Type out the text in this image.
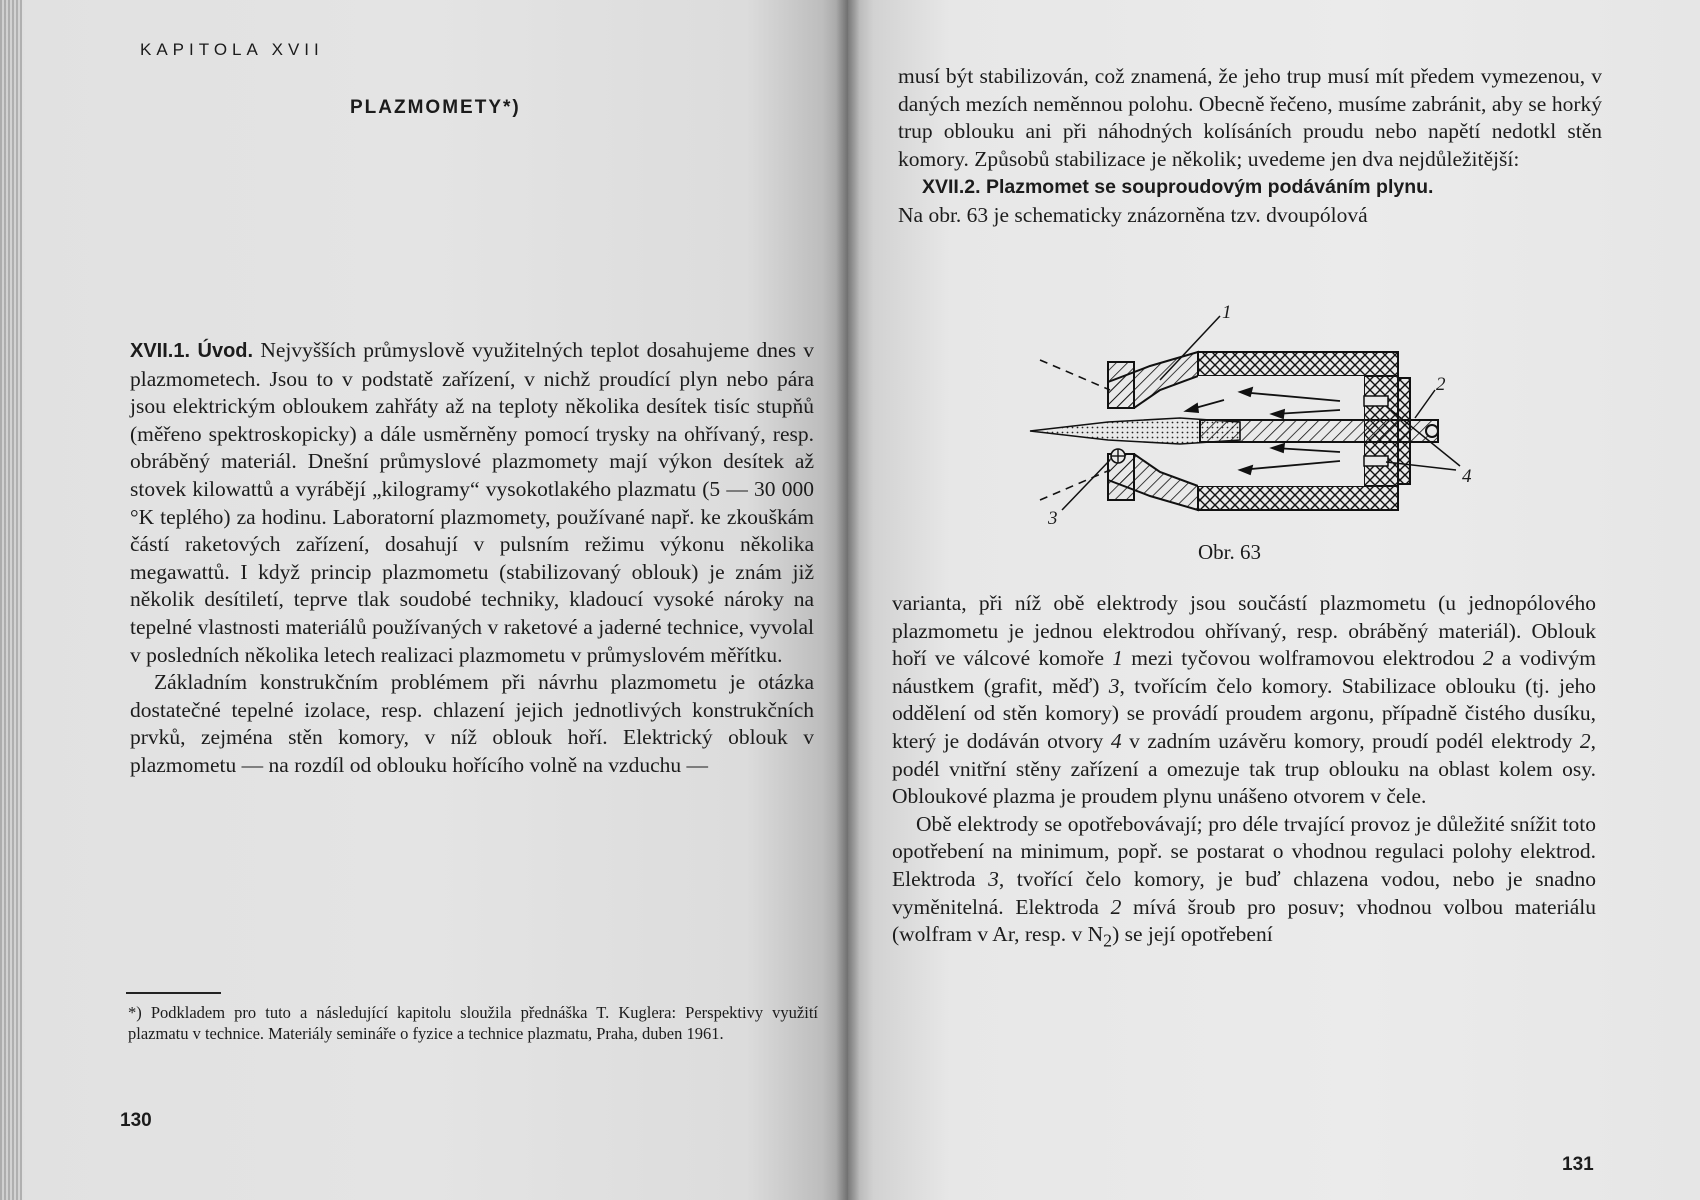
KAPITOLA XVII
PLAZMOMETY*)

XVII.1. Úvod. Nejvyšších průmyslově využitelných teplot dosahujeme dnes v plazmometech. Jsou to v podstatě zařízení, v nichž proudící plyn nebo pára jsou elektrickým obloukem zahřáty až na teploty několika desítek tisíc stupňů (měřeno spektroskopicky) a dále usměrněny pomocí trysky na ohřívaný, resp. obráběný materiál. Dnešní průmyslové plazmomety mají výkon desítek až stovek kilowattů a vyrábějí „kilogramy“ vysokotlakého plazmatu (5 — 30 000 °K teplého) za hodinu. Laboratorní plazmomety, používané např. ke zkouškám částí raketových zařízení, dosahují v pulsním režimu výkonu několika megawattů. I když princip plazmometu (stabilizovaný oblouk) je znám již několik desítiletí, teprve tlak soudobé techniky, kladoucí vysoké nároky na tepelné vlastnosti materiálů používaných v raketové a jaderné technice, vyvolal v posledních několika letech realizaci plazmometu v průmyslovém měřítku.

Základním konstrukčním problémem při návrhu plazmometu je otázka dostatečné tepelné izolace, resp. chlazení jejich jednotlivých konstrukčních prvků, zejména stěn komory, v níž oblouk hoří. Elektrický oblouk v plazmometu — na rozdíl od oblouku hořícího volně na vzduchu —

*) Podkladem pro tuto a následující kapitolu sloužila přednáška T. Kuglera: Perspektivy využití plazmatu v technice. Materiály semináře o fyzice a technice plazmatu, Praha, duben 1961.

130

musí být stabilizován, což znamená, že jeho trup musí mít předem vymezenou, v daných mezích neměnnou polohu. Obecně řečeno, musíme zabránit, aby se horký trup oblouku ani při náhodných kolísáních proudu nebo napětí nedotkl stěn komory. Způsobů stabilizace je několik; uvedeme jen dva nejdůležitější:

XVII.2. Plazmomet se souproudovým podáváním plynu.

Na obr. 63 je schematicky znázorněna tzv. dvoupólová

varianta, při níž obě elektrody jsou součástí plazmometu (u jednopólového plazmometu je jednou elektrodou ohřívaný, resp. obráběný materiál). Oblouk hoří ve válcové komoře 1 mezi tyčovou wolframovou elektrodou 2 a vodivým náustkem (grafit, měď) 3, tvořícím čelo komory. Stabilizace oblouku (tj. jeho oddělení od stěn komory) se provádí proudem argonu, případně čistého dusíku, který je dodáván otvory 4 v zadním uzávěru komory, proudí podél elektrody 2, podél vnitřní stěny zařízení a omezuje tak trup oblouku na oblast kolem osy. Obloukové plazma je proudem plynu unášeno otvorem v čele.

Obě elektrody se opotřebovávají; pro déle trvající provoz je důležité snížit toto opotřebení na minimum, popř. se postarat o vhodnou regulaci polohy elektrod. Elektroda 3, tvořící čelo komory, je buď chlazena vodou, nebo je snadno vyměnitelná. Elektroda 2 mívá šroub pro posuv; vhodnou volbou materiálu (wolfram v Ar, resp. v $N_2$) se její opotřebení

131

1
2
3
4

Obr. 63
